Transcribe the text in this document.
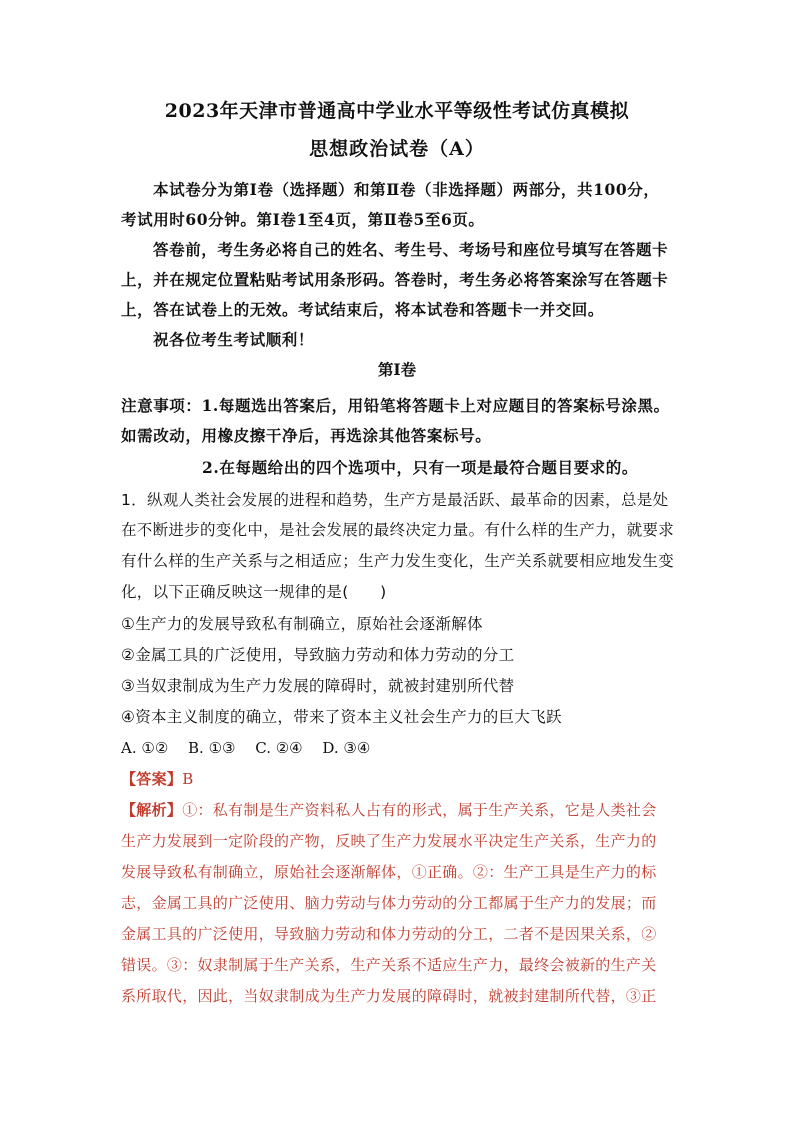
2023年天津市普通高中学业水平等级性考试仿真模拟
思想政治试卷（A）
本试卷分为第Ⅰ卷（选择题）和第Ⅱ卷（非选择题）两部分，共100分，
考试用时60分钟。第Ⅰ卷1至4页，第Ⅱ卷5至6页。
答卷前，考生务必将自己的姓名、考生号、考场号和座位号填写在答题卡
上，并在规定位置粘贴考试用条形码。答卷时，考生务必将答案涂写在答题卡
上，答在试卷上的无效。考试结束后，将本试卷和答题卡一并交回。
祝各位考生考试顺利！
第Ⅰ卷
注意事项：1.每题选出答案后，用铅笔将答题卡上对应题目的答案标号涂黑。
如需改动，用橡皮擦干净后，再选涂其他答案标号。
2.在每题给出的四个选项中，只有一项是最符合题目要求的。
1．纵观人类社会发展的进程和趋势，生产方是最活跃、最革命的因素，总是处
在不断进步的变化中，是社会发展的最终决定力量。有什么样的生产力，就要求
有什么样的生产关系与之相适应；生产力发生变化，生产关系就要相应地发生变
化，以下正确反映这一规律的是(　　)
①生产力的发展导致私有制确立，原始社会逐渐解体
②金属工具的广泛使用，导致脑力劳动和体力劳动的分工
③当奴隶制成为生产力发展的障碍时，就被封建别所代替
④资本主义制度的确立，带来了资本主义社会生产力的巨大飞跃
A. ①②　 B. ①③　 C. ②④　 D. ③④
【答案】B
【解析】①：私有制是生产资料私人占有的形式，属于生产关系，它是人类社会
生产力发展到一定阶段的产物，反映了生产力发展水平决定生产关系，生产力的
发展导致私有制确立，原始社会逐渐解体，①正确。②：生产工具是生产力的标
志，金属工具的广泛使用、脑力劳动与体力劳动的分工都属于生产力的发展；而
金属工具的广泛使用，导致脑力劳动和体力劳动的分工，二者不是因果关系，②
错误。③：奴隶制属于生产关系，生产关系不适应生产力，最终会被新的生产关
系所取代，因此，当奴隶制成为生产力发展的障碍时，就被封建制所代替，③正
